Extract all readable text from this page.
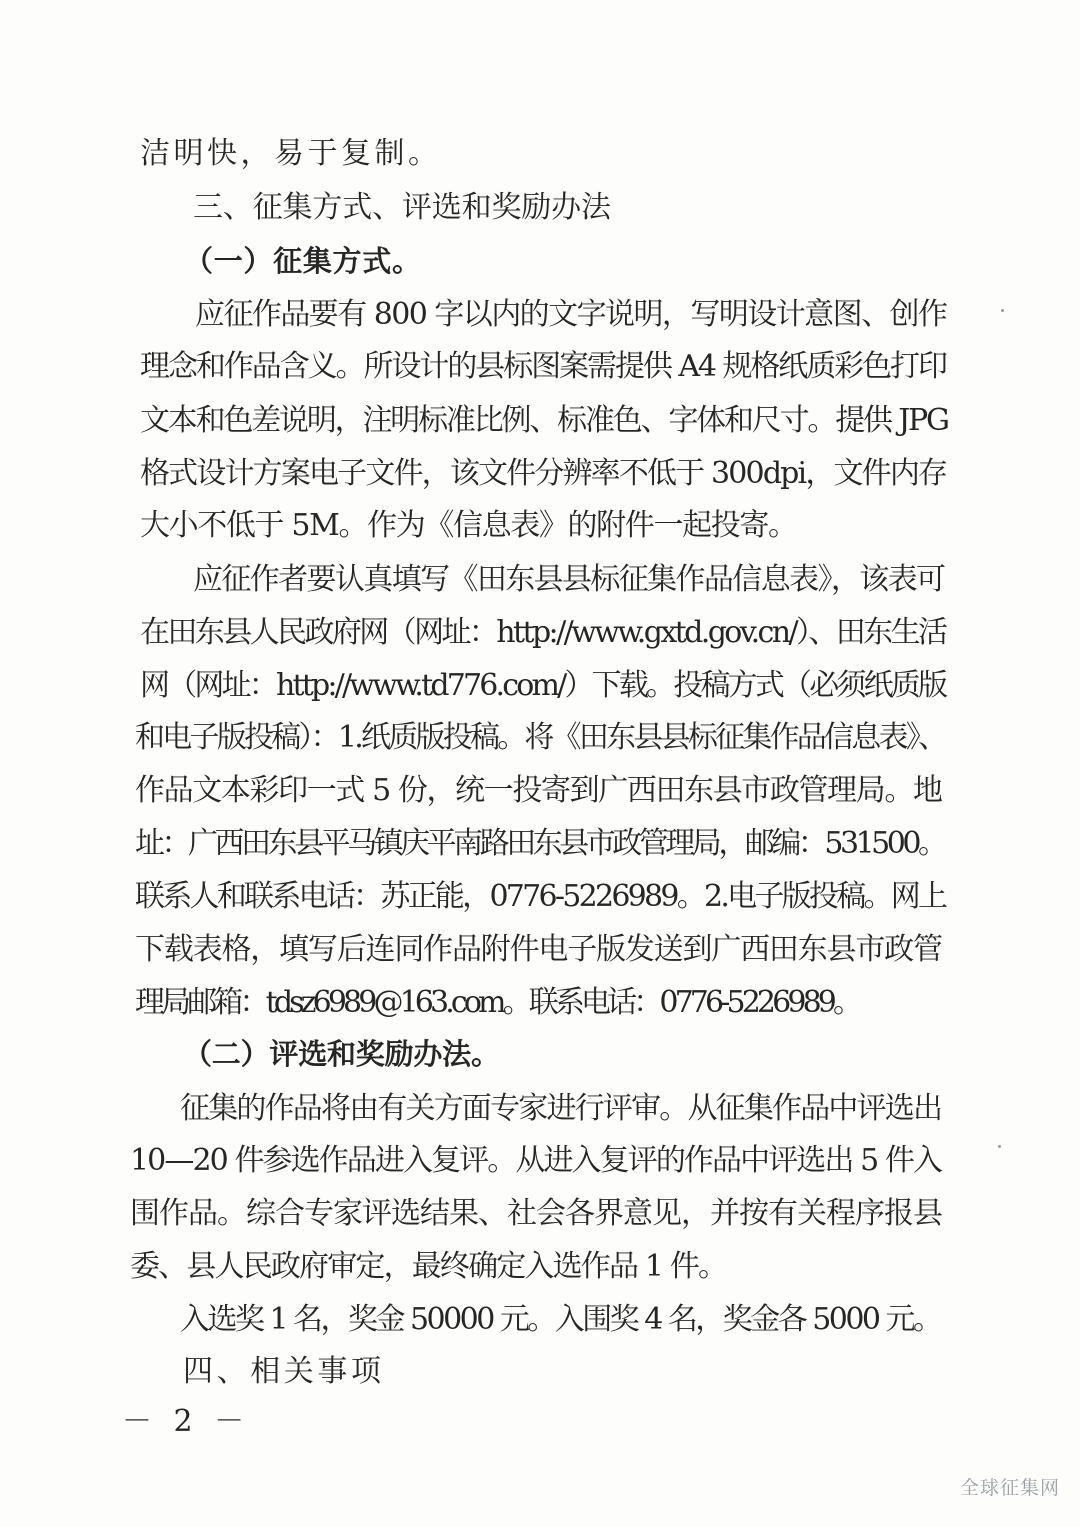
洁明快，易于复制。
三、征集方式、评选和奖励办法
（一）征集方式。
应征作品要有 800 字以内的文字说明，写明设计意图、创作
理念和作品含义。所设计的县标图案需提供 A4 规格纸质彩色打印
文本和色差说明，注明标准比例、标准色、字体和尺寸。提供 JPG
格式设计方案电子文件，该文件分辨率不低于 300dpi，文件内存
大小不低于 5M。作为《信息表》的附件一起投寄。
应征作者要认真填写《田东县县标征集作品信息表》，该表可
在田东县人民政府网（网址：http://www.gxtd.gov.cn/）、田东生活
网（网址：http://www.td776.com/）下载。投稿方式（必须纸质版
和电子版投稿）：1.纸质版投稿。将《田东县县标征集作品信息表》、
作品文本彩印一式 5 份，统一投寄到广西田东县市政管理局。地
址：广西田东县平马镇庆平南路田东县市政管理局，邮编：531500。
联系人和联系电话：苏正能，0776-5226989。2.电子版投稿。网上
下载表格，填写后连同作品附件电子版发送到广西田东县市政管
理局邮箱：tdsz6989@163.com。联系电话：0776-5226989。
（二）评选和奖励办法。
征集的作品将由有关方面专家进行评审。从征集作品中评选出
10—20 件参选作品进入复评。从进入复评的作品中评选出 5 件入
围作品。综合专家评选结果、社会各界意见，并按有关程序报县
委、县人民政府审定，最终确定入选作品 1 件。
入选奖 1 名，奖金 50000 元。入围奖 4 名，奖金各 5000 元。
四、相关事项
－ 2 －
全球征集网
